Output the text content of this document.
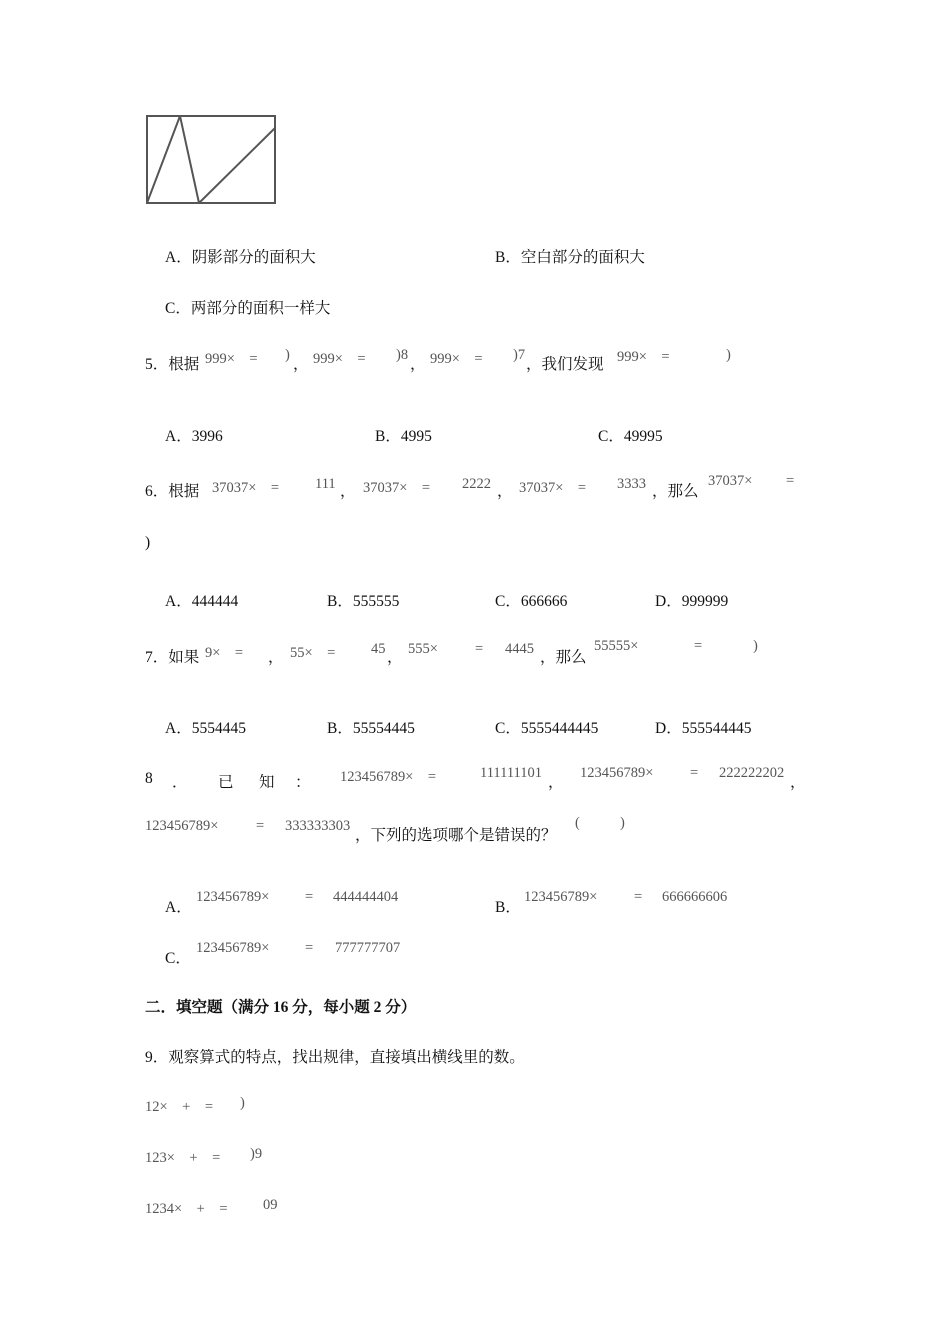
A．阴影部分的面积大	B．空白部分的面积大
C．两部分的面积一样大
5．根据 999×　=　 )
， 999×　= )8
， 999×　= )7
，我们发现 999×　=	)
A．3996	B．4995	C．49995
6．根据 37037×　= 111 ， 37037×　= 2222 ， 37037×　= 3333 ，那么
37037× =
)
A．444444	B．555555	C．666666	D．999999
7．如果 9×　= ， 55×　= 45 ， 555×	= 4445 ，那么
55555×	=	)
A．5554445	B．55554445	C．5555444445	D．555544445
8 ． 已 知 ： 123456789×　=	111111101
，
123456789×	= 222222202
，
123456789×	= 333333303
，下列的选项哪个是错误的？
(	)
A．
123456789× = 444444404
B．
123456789×	= 666666606
C．
123456789× = 777777707
二．填空题（满分 16 分，每小题 2 分）
9．观察算式的特点，找出规律，直接填出横线里的数。
12×　+　= )
123×　+　= )9
1234×　+　= 09
